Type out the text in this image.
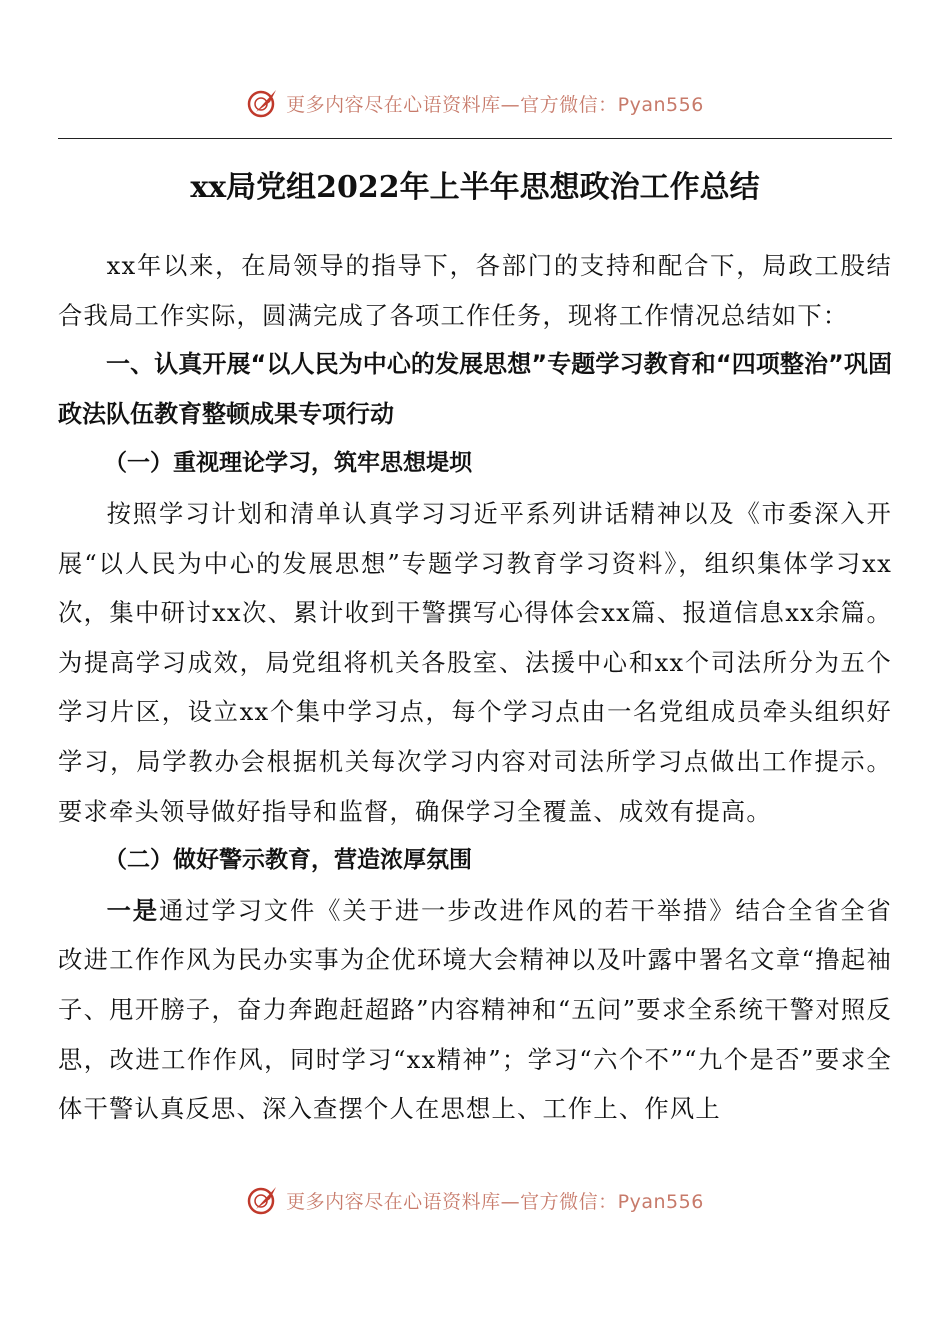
更多内容尽在心语资料库—官方微信：Pyan556
xx局党组2022年上半年思想政治工作总结

xx年以来，在局领导的指导下，各部门的支持和配合下，局政工股结合我局工作实际，圆满完成了各项工作任务，现将工作情况总结如下：

一、认真开展“以人民为中心的发展思想”专题学习教育和“四项整治”巩固政法队伍教育整顿成果专项行动

（一）重视理论学习，筑牢思想堤坝

按照学习计划和清单认真学习习近平系列讲话精神以及《市委深入开展“以人民为中心的发展思想”专题学习教育学习资料》，组织集体学习xx次，集中研讨xx次、累计收到干警撰写心得体会xx篇、报道信息xx余篇。为提高学习成效，局党组将机关各股室、法援中心和xx个司法所分为五个学习片区，设立xx个集中学习点，每个学习点由一名党组成员牵头组织好学习，局学教办会根据机关每次学习内容对司法所学习点做出工作提示。要求牵头领导做好指导和监督，确保学习全覆盖、成效有提高。

（二）做好警示教育，营造浓厚氛围

一是通过学习文件《关于进一步改进作风的若干举措》结合全省全省改进工作作风为民办实事为企优环境大会精神以及叶露中署名文章“撸起袖子、甩开膀子，奋力奔跑赶超路”内容精神和“五问”要求全系统干警对照反思，改进工作作风，同时学习“xx精神”；学习“六个不”“九个是否”要求全体干警认真反思、深入查摆个人在思想上、工作上、作风上

更多内容尽在心语资料库—官方微信：Pyan556
